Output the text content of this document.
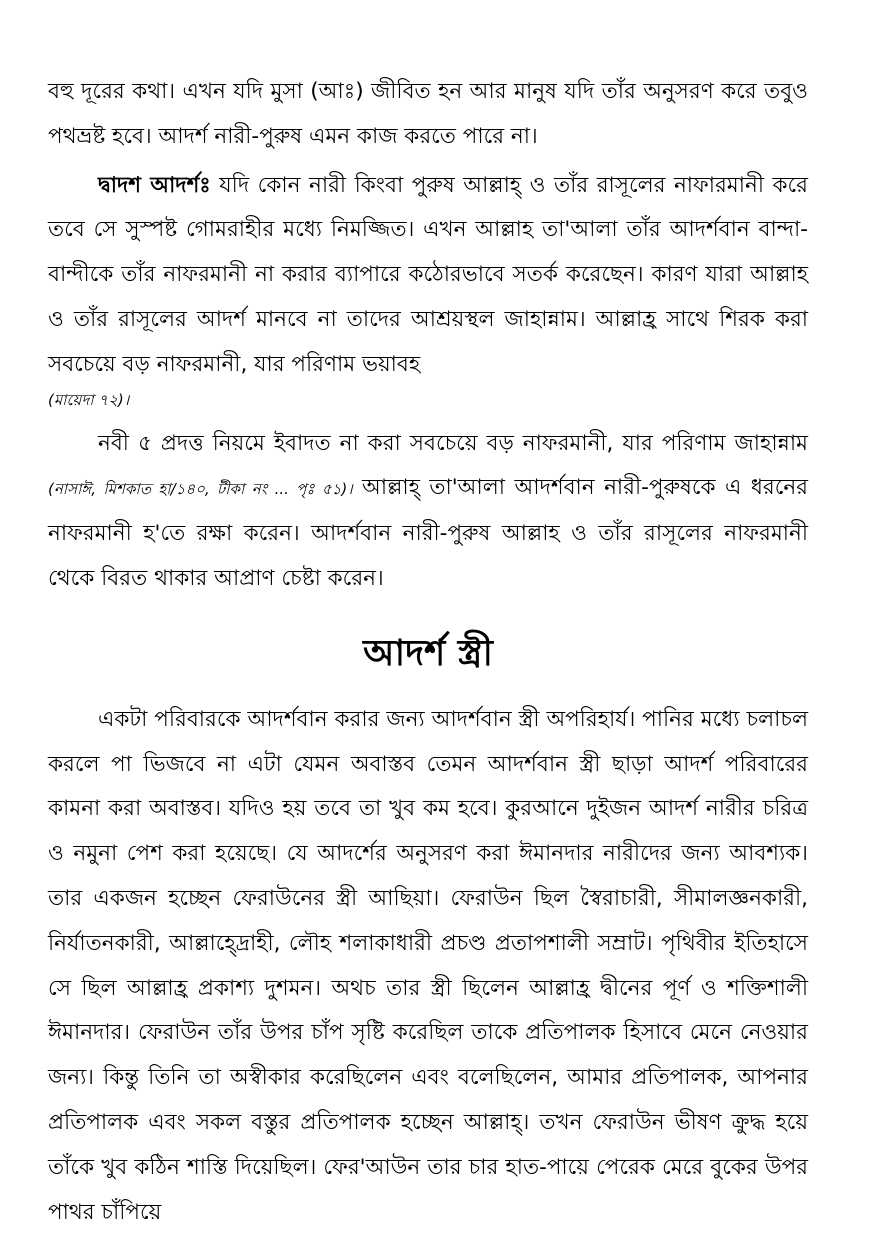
বহু দূরের কথা। এখন যদি মুসা (আঃ) জীবিত হন আর মানুষ যদি তাঁর অনুসরণ করে তবুও পথভ্রষ্ট হবে। আদর্শ নারী-পুরুষ এমন কাজ করতে পারে না।

দ্বাদশ আদর্শঃ যদি কোন নারী কিংবা পুরুষ আল্লাহ্ ও তাঁর রাসূলের নাফারমানী করে তবে সে সুস্পষ্ট গোমরাহীর মধ্যে নিমজ্জিত। এখন আল্লাহ তা'আলা তাঁর আদর্শবান বান্দা-বান্দীকে তাঁর নাফরমানী না করার ব্যাপারে কঠোরভাবে সতর্ক করেছেন। কারণ যারা আল্লাহ ও তাঁর রাসূলের আদর্শ মানবে না তাদের আশ্রয়স্থল জাহান্নাম। আল্লাহ্র সাথে শিরক করা সবচেয়ে বড় নাফরমানী, যার পরিণাম ভয়াবহ

(মায়েদা ৭২)।

নবী ৫ প্রদত্ত নিয়মে ইবাদত না করা সবচেয়ে বড় নাফরমানী, যার পরিণাম জাহান্নাম (নাসাঈ, মিশকাত হা/১৪০, টীকা নং ... পৃঃ ৫১)। আল্লাহ্ তা'আলা আদর্শবান নারী-পুরুষকে এ ধরনের নাফরমানী হ'তে রক্ষা করেন। আদর্শবান নারী-পুরুষ আল্লাহ ও তাঁর রাসূলের নাফরমানী থেকে বিরত থাকার আপ্রাণ চেষ্টা করেন।

আদর্শ স্ত্রী

একটা পরিবারকে আদর্শবান করার জন্য আদর্শবান স্ত্রী অপরিহার্য। পানির মধ্যে চলাচল করলে পা ভিজবে না এটা যেমন অবাস্তব তেমন আদর্শবান স্ত্রী ছাড়া আদর্শ পরিবারের কামনা করা অবাস্তব। যদিও হয় তবে তা খুব কম হবে। কুরআনে দুইজন আদর্শ নারীর চরিত্র ও নমুনা পেশ করা হয়েছে। যে আদর্শের অনুসরণ করা ঈমানদার নারীদের জন্য আবশ্যক। তার একজন হচ্ছেন ফেরাউনের স্ত্রী আছিয়া। ফেরাউন ছিল স্বৈরাচারী, সীমালজ্ঞনকারী, নির্যাতনকারী, আল্লাহ্দ্রোহী, লৌহ শলাকাধারী প্রচণ্ড প্রতাপশালী সম্রাট। পৃথিবীর ইতিহাসে সে ছিল আল্লাহ্র প্রকাশ্য দুশমন। অথচ তার স্ত্রী ছিলেন আল্লাহ্র দ্বীনের পূর্ণ ও শক্তিশালী ঈমানদার। ফেরাউন তাঁর উপর চাঁপ সৃষ্টি করেছিল তাকে প্রতিপালক হিসাবে মেনে নেওয়ার জন্য। কিন্তু তিনি তা অস্বীকার করেছিলেন এবং বলেছিলেন, আমার প্রতিপালক, আপনার প্রতিপালক এবং সকল বস্তুর প্রতিপালক হচ্ছেন আল্লাহ্। তখন ফেরাউন ভীষণ ক্রুদ্ধ হয়ে তাঁকে খুব কঠিন শাস্তি দিয়েছিল। ফের'আউন তার চার হাত-পায়ে পেরেক মেরে বুকের উপর পাথর চাঁপিয়ে
